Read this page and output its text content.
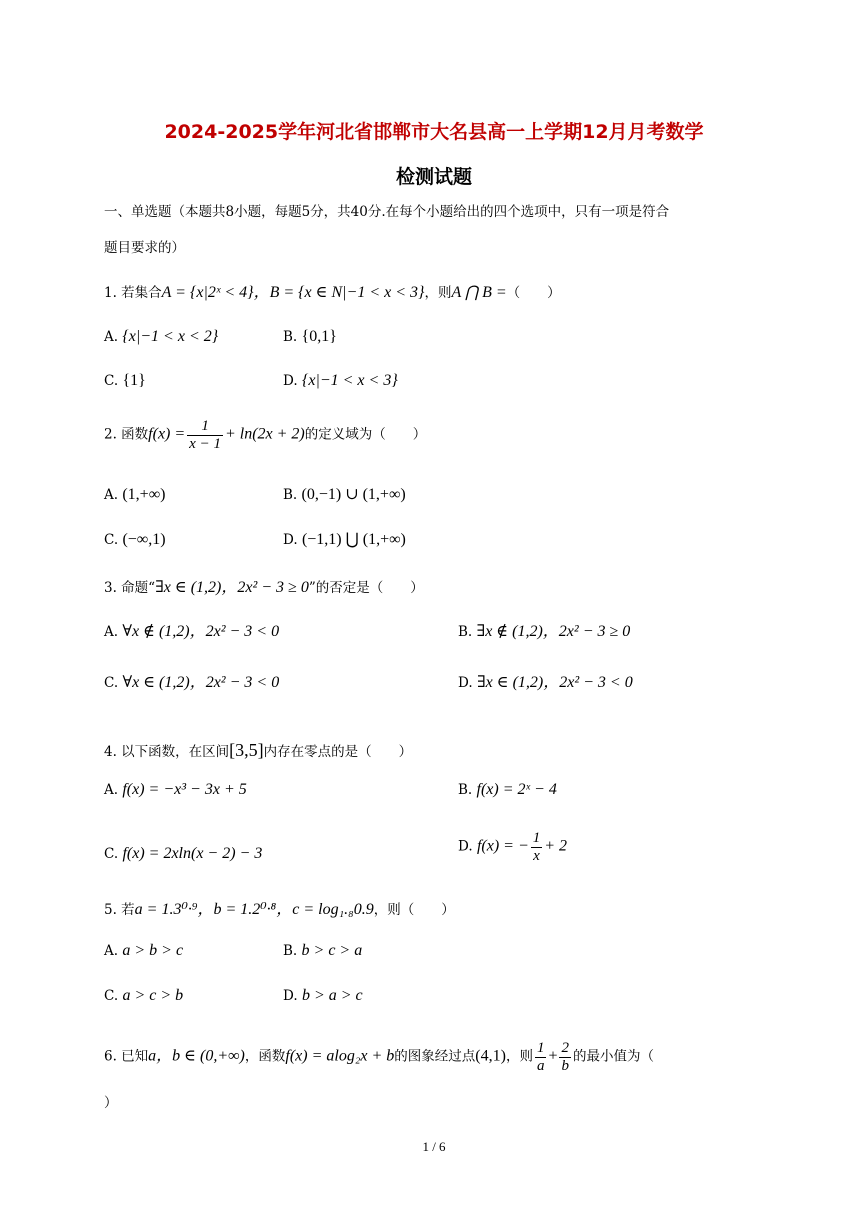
2024-2025学年河北省邯郸市大名县高一上学期12月月考数学
检测试题
一、单选题（本题共8小题，每题5分，共40分.在每个小题给出的四个选项中，只有一项是符合
题目要求的）
1. 若集合A = {x|2ˣ < 4}，B = {x ∈ N|−1 < x < 3}，则A ⋂ B =（　　）
A. {x|−1 < x < 2}	B. {0,1}
C. {1}	D. {x|−1 < x < 3}
2. 函数$f(x) = \frac{1}{x - 1} + \ln(2x + 2)$的定义域为（　　）
A. (1,+∞)	B. (0,−1) ∪ (1,+∞)
C. (−∞,1)	D. (−1,1) ⋃ (1,+∞)
3. 命题“∃x ∈ (1,2)，2x² − 3 ≥ 0”的否定是（　　）
A. ∀x ∉ (1,2)，2x² − 3 < 0	B. ∃x ∉ (1,2)，2x² − 3 ≥ 0
C. ∀x ∈ (1,2)，2x² − 3 < 0	D. ∃x ∈ (1,2)，2x² − 3 < 0
4. 以下函数，在区间[3,5]内存在零点的是（　　）
A. f(x) = −x³ − 3x + 5	B. f(x) = 2ˣ − 4
C. f(x) = 2xln(x − 2) − 3	D. f(x) = − $\frac{1}{x} + 2$
5. 若a = 1.3⁰·⁹，b = 1.2⁰·⁸，c = log₁.₈0.9，则（　　）
A. a > b > c	B. b > c > a
C. a > c > b	D. b > a > c
6. 已知a，b ∈ (0,+∞)，函数f(x) = alog₂x + b的图象经过点(4,1)，则 $\frac{1}{a} + \frac{2}{b}$ 的最小值为（
）
1 / 6
